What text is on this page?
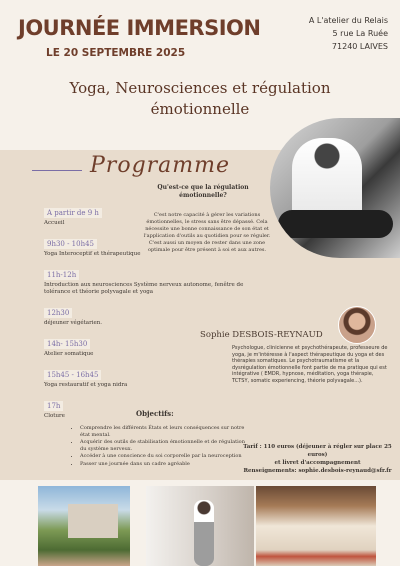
JOURNÉE IMMERSION
LE 20 SEPTEMBRE 2025
A L'atelier du Relais
5 rue La Ruée
71240 LAIVES
Yoga, Neurosciences et régulation
émotionnelle
Programme
Qu'est-ce que la régulation émotionnelle?
C'est notre capacité à gérer les variations émotionnelles, le stress sans être dépassé. Cela nécessite une bonne connaissance de son état et l'application d'outils au quotidien pour se réguler. C'est aussi un moyen de rester dans une zone optimale pour être présent à soi et aux autres.
A partir de 9 h
Accueil
9h30 - 10h45
Yoga Interoceptif et thérapeutique
11h-12h
Introduction aux neurosciences Système nerveux autonome, fenêtre de tolérance et théorie polyvagale et yoga
12h30
déjeuner végétarien.
14h- 15h30
Atelier somatique
15h45 - 16h45
Yoga restauratif et yoga nidra
17h
Cloture
Sophie DESBOIS-REYNAUD
Psychologue, clinicienne et psychothérapeute, professeure de yoga, je m'intéresse à l'aspect thérapeutique du yoga et des thérapies somatiques. Le psychotraumatisme et la dysrégulation émotionnelle font partie de ma pratique qui est intégrative ( EMDR, hypnose, méditation, yoga thérapie, TCTSY, somatic experiencing, théorie polyvagale...).
Objectifs:
• Comprendre les différents États et leurs conséquences sur notre état mental.
• Acquérir des outils de stabilisation émotionnelle et de régulation du système nerveux.
• Accéder à une conscience du soi corporelle par la neuroception
• Passer une journée dans un cadre agréable
Tarif : 110 euros (déjeuner à régler sur place 25 euros)
et livret d'accompagnement
Renseignements: sophie.desbois-reynaud@sfr.fr
